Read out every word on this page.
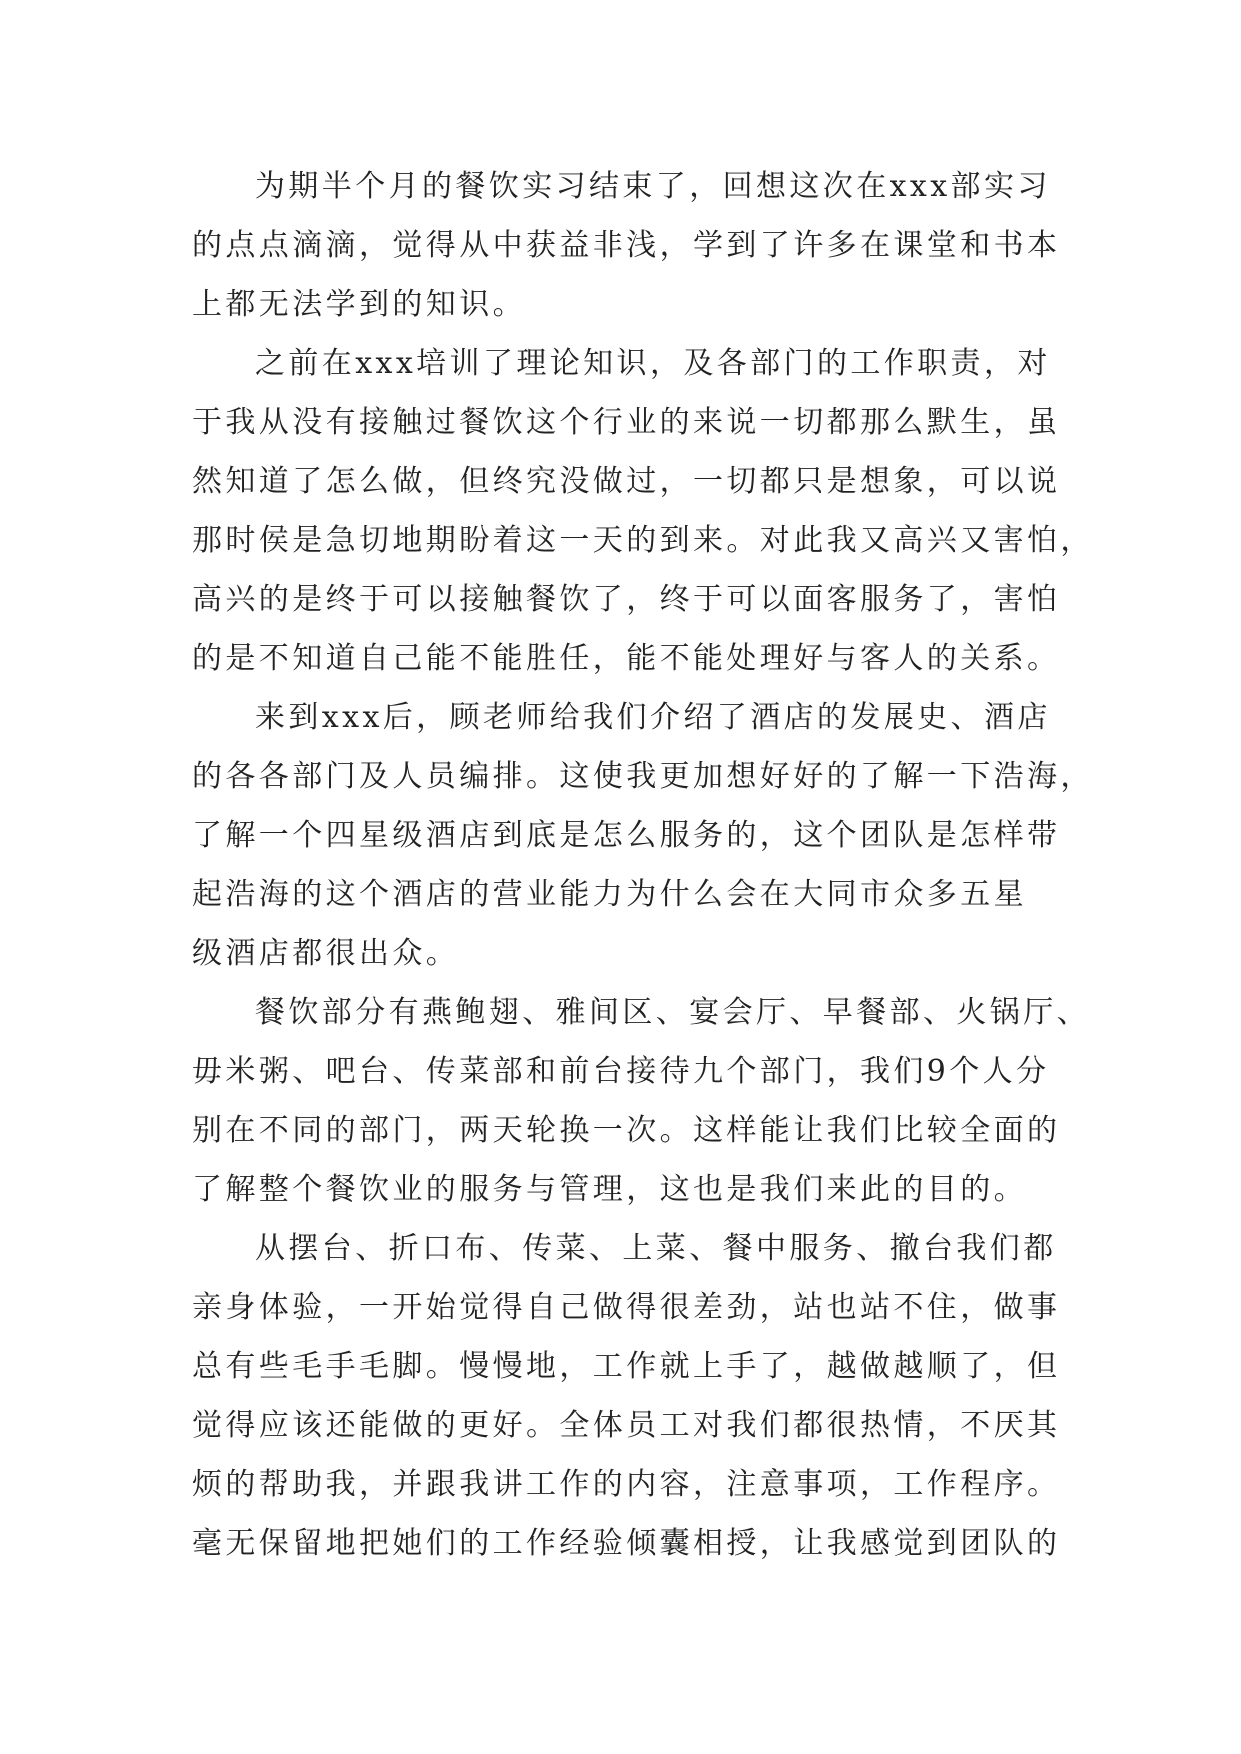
为期半个月的餐饮实习结束了，回想这次在xxx部实习
的点点滴滴，觉得从中获益非浅，学到了许多在课堂和书本
上都无法学到的知识。
之前在xxx培训了理论知识，及各部门的工作职责，对
于我从没有接触过餐饮这个行业的来说一切都那么默生，虽
然知道了怎么做，但终究没做过，一切都只是想象，可以说
那时侯是急切地期盼着这一天的到来。对此我又高兴又害怕，
高兴的是终于可以接触餐饮了，终于可以面客服务了，害怕
的是不知道自己能不能胜任，能不能处理好与客人的关系。
来到xxx后，顾老师给我们介绍了酒店的发展史、酒店
的各各部门及人员编排。这使我更加想好好的了解一下浩海，
了解一个四星级酒店到底是怎么服务的，这个团队是怎样带
起浩海的这个酒店的营业能力为什么会在大同市众多五星
级酒店都很出众。
餐饮部分有燕鲍翅、雅间区、宴会厅、早餐部、火锅厅、
毋米粥、吧台、传菜部和前台接待九个部门，我们9个人分
别在不同的部门，两天轮换一次。这样能让我们比较全面的
了解整个餐饮业的服务与管理，这也是我们来此的目的。
从摆台、折口布、传菜、上菜、餐中服务、撤台我们都
亲身体验，一开始觉得自己做得很差劲，站也站不住，做事
总有些毛手毛脚。慢慢地，工作就上手了，越做越顺了，但
觉得应该还能做的更好。全体员工对我们都很热情，不厌其
烦的帮助我，并跟我讲工作的内容，注意事项，工作程序。
毫无保留地把她们的工作经验倾囊相授，让我感觉到团队的
